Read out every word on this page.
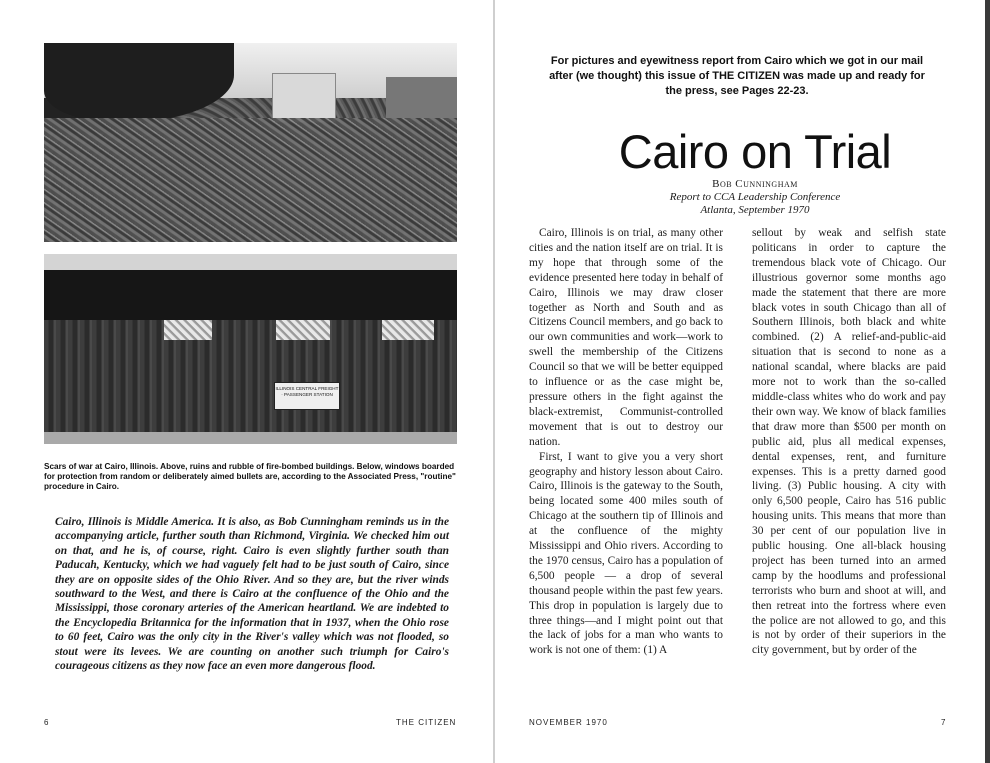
ILLINOIS CENTRAL FREIGHT · PASSENGER STATION
Scars of war at Cairo, Illinois. Above, ruins and rubble of fire-bombed buildings. Below, windows boarded for protection from random or deliberately aimed bullets are, according to the Associated Press, "routine" procedure in Cairo.
Cairo, Illinois is Middle America. It is also, as Bob Cunningham reminds us in the accompanying article, further south than Richmond, Virginia. We checked him out on that, and he is, of course, right. Cairo is even slightly further south than Paducah, Kentucky, which we had vaguely felt had to be just south of Cairo, since they are on opposite sides of the Ohio River. And so they are, but the river winds southward to the West, and there is Cairo at the confluence of the Ohio and the Mississippi, those coronary arteries of the American heartland. We are indebted to the Encyclopedia Britannica for the information that in 1937, when the Ohio rose to 60 feet, Cairo was the only city in the River's valley which was not flooded, so stout were its levees. We are counting on another such triumph for Cairo's courageous citizens as they now face an even more dangerous flood.
6	THE CITIZEN
For pictures and eyewitness report from Cairo which we got in our mail after (we thought) this issue of THE CITIZEN was made up and ready for the press, see Pages 22-23.
Cairo on Trial
Bob Cunningham
Report to CCA Leadership Conference
Atlanta, September 1970

Cairo, Illinois is on trial, as many other cities and the nation itself are on trial. It is my hope that through some of the evidence presented here today in behalf of Cairo, Illinois we may draw closer together as North and South and as Citizens Council members, and go back to our own communities and work—work to swell the membership of the Citizens Council so that we will be better equipped to influence or as the case might be, pressure others in the fight against the black-extremist, Communist-controlled movement that is out to destroy our nation.

First, I want to give you a very short geography and history lesson about Cairo. Cairo, Illinois is the gateway to the South, being located some 400 miles south of Chicago at the southern tip of Illinois and at the confluence of the mighty Mississippi and Ohio rivers. According to the 1970 census, Cairo has a population of 6,500 people — a drop of several thousand people within the past few years. This drop in population is largely due to three things—and I might point out that the lack of jobs for a man who wants to work is not one of them: (1) A

sellout by weak and selfish state politicans in order to capture the tremendous black vote of Chicago. Our illustrious governor some months ago made the statement that there are more black votes in south Chicago than all of Southern Illinois, both black and white combined. (2) A relief-and-public-aid situation that is second to none as a national scandal, where blacks are paid more not to work than the so-called middle-class whites who do work and pay their own way. We know of black families that draw more than $500 per month on public aid, plus all medical expenses, dental expenses, rent, and furniture expenses. This is a pretty darned good living. (3) Public housing. A city with only 6,500 people, Cairo has 516 public housing units. This means that more than 30 per cent of our population live in public housing. One all-black housing project has been turned into an armed camp by the hoodlums and professional terrorists who burn and shoot at will, and then retreat into the fortress where even the police are not allowed to go, and this is not by order of their superiors in the city government, but by order of the

NOVEMBER 1970	7
